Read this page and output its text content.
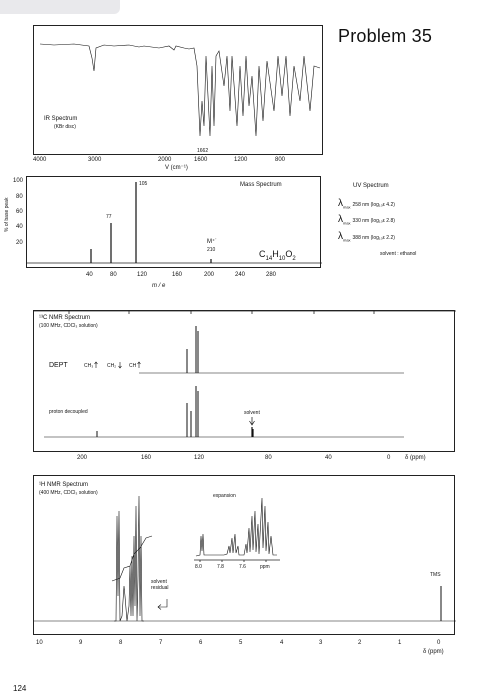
Problem 35
IR Spectrum
(KBr disc)
1662
4000	3000	2000	1600	1200	800
V (cm⁻¹)
% of base peak
100
80
60
40
20
105
77
Mass Spectrum
M⁺˙
210	$C_{14}H_{10}O_2$
40	80	120	160	200	240	280
m / e
UV Spectrum
$\lambda_{max}$ 258 nm (log₁₀ε 4.2)
$\lambda_{max}$ 330 nm (log₁₀ε 2.8)
$\lambda_{max}$ 388 nm (log₁₀ε 2.2)
solvent : ethanol
¹³C NMR Spectrum
(100 MHz, CDCl₃ solution)
DEPT	CH₃	CH₂	CH
proton decoupled	solvent
200	160	120	80	40	0 δ (ppm)
¹H NMR Spectrum
(400 MHz, CDCl₃ solution)	expansion
8.0	7.8	7.6	ppm
solvent
residual
TMS
10	9	8	7	6	5	4	3	2	1	0
δ (ppm)
124
